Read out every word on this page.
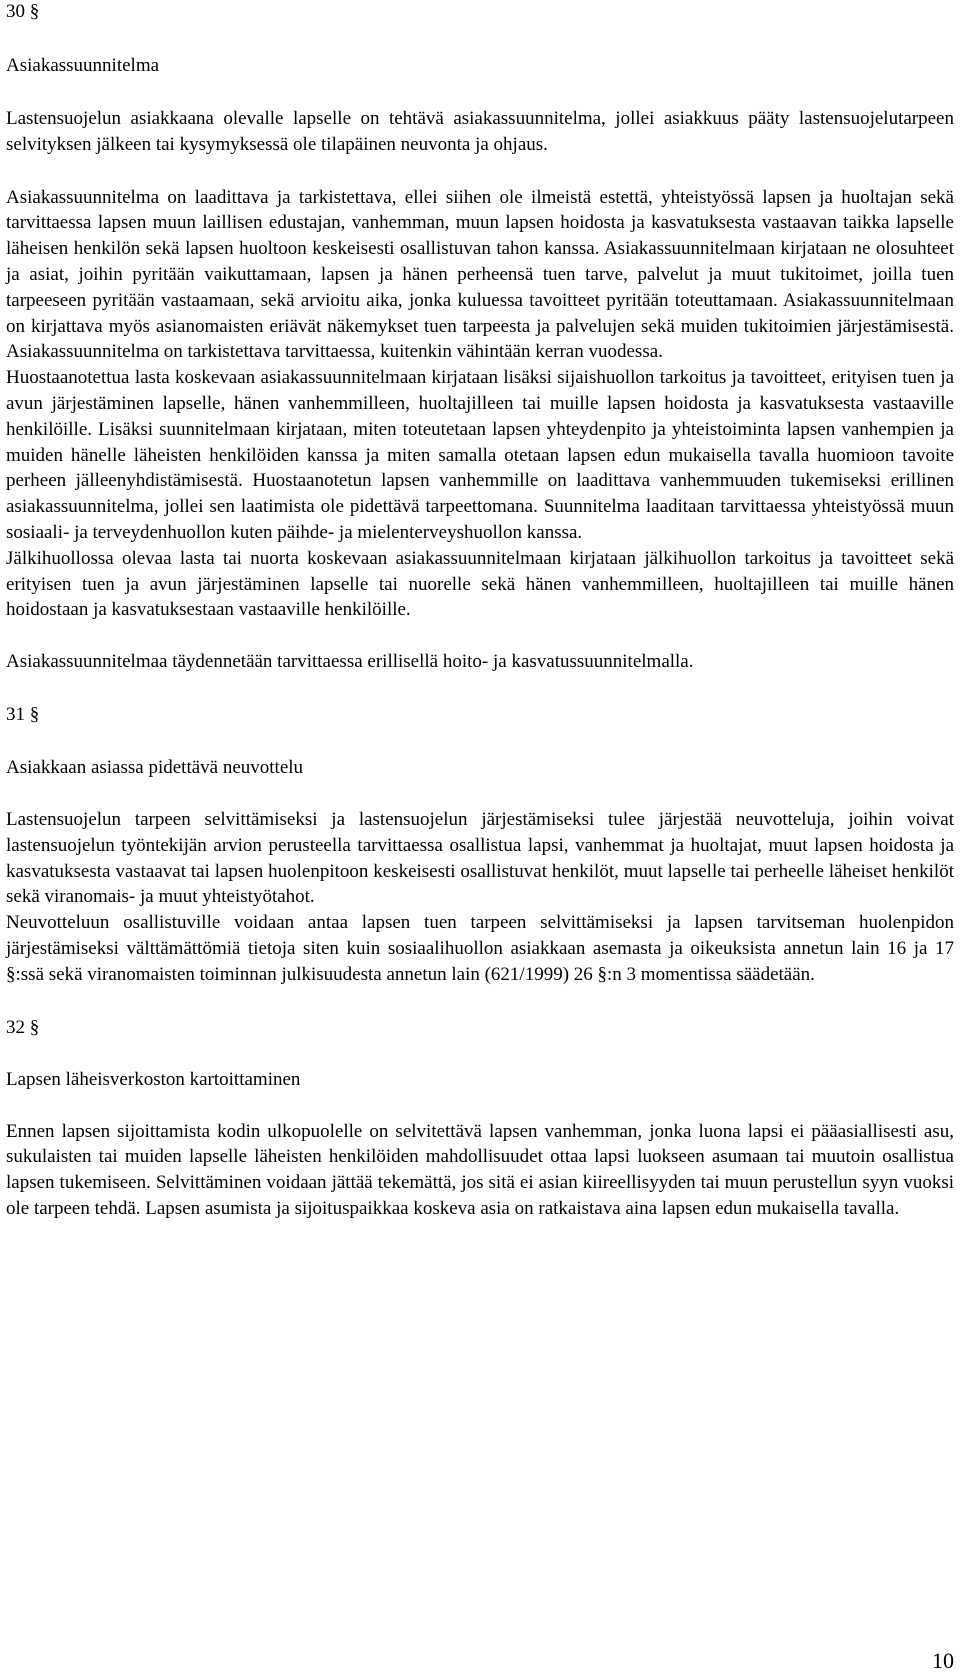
30 §

Asiakassuunnitelma

Lastensuojelun asiakkaana olevalle lapselle on tehtävä asiakassuunnitelma, jollei asiakkuus pääty lastensuojelutarpeen selvityksen jälkeen tai kysymyksessä ole tilapäinen neuvonta ja ohjaus.

Asiakassuunnitelma on laadittava ja tarkistettava, ellei siihen ole ilmeistä estettä, yhteistyössä lapsen ja huoltajan sekä tarvittaessa lapsen muun laillisen edustajan, vanhemman, muun lapsen hoidosta ja kasvatuksesta vastaavan taikka lapselle läheisen henkilön sekä lapsen huoltoon keskeisesti osallistuvan tahon kanssa. Asiakassuunnitelmaan kirjataan ne olosuhteet ja asiat, joihin pyritään vaikuttamaan, lapsen ja hänen perheensä tuen tarve, palvelut ja muut tukitoimet, joilla tuen tarpeeseen pyritään vastaamaan, sekä arvioitu aika, jonka kuluessa tavoitteet pyritään toteuttamaan. Asiakassuunnitelmaan on kirjattava myös asianomaisten eriävät näkemykset tuen tarpeesta ja palvelujen sekä muiden tukitoimien järjestämisestä. Asiakassuunnitelma on tarkistettava tarvittaessa, kuitenkin vähintään kerran vuodessa.

Huostaanotettua lasta koskevaan asiakassuunnitelmaan kirjataan lisäksi sijaishuollon tarkoitus ja tavoitteet, erityisen tuen ja avun järjestäminen lapselle, hänen vanhemmilleen, huoltajilleen tai muille lapsen hoidosta ja kasvatuksesta vastaaville henkilöille. Lisäksi suunnitelmaan kirjataan, miten toteutetaan lapsen yhteydenpito ja yhteistoiminta lapsen vanhempien ja muiden hänelle läheisten henkilöiden kanssa ja miten samalla otetaan lapsen edun mukaisella tavalla huomioon tavoite perheen jälleenyhdistämisestä. Huostaanotetun lapsen vanhemmille on laadittava vanhemmuuden tukemiseksi erillinen asiakassuunnitelma, jollei sen laatimista ole pidettävä tarpeettomana. Suunnitelma laaditaan tarvittaessa yhteistyössä muun sosiaali- ja terveydenhuollon kuten päihde- ja mielenterveyshuollon kanssa.

Jälkihuollossa olevaa lasta tai nuorta koskevaan asiakassuunnitelmaan kirjataan jälkihuollon tarkoitus ja tavoitteet sekä erityisen tuen ja avun järjestäminen lapselle tai nuorelle sekä hänen vanhemmilleen, huoltajilleen tai muille hänen hoidostaan ja kasvatuksestaan vastaaville henkilöille.

Asiakassuunnitelmaa täydennetään tarvittaessa erillisellä hoito- ja kasvatussuunnitelmalla.

31 §

Asiakkaan asiassa pidettävä neuvottelu

Lastensuojelun tarpeen selvittämiseksi ja lastensuojelun järjestämiseksi tulee järjestää neuvotteluja, joihin voivat lastensuojelun työntekijän arvion perusteella tarvittaessa osallistua lapsi, vanhemmat ja huoltajat, muut lapsen hoidosta ja kasvatuksesta vastaavat tai lapsen huolenpitoon keskeisesti osallistuvat henkilöt, muut lapselle tai perheelle läheiset henkilöt sekä viranomais- ja muut yhteistyötahot.

Neuvotteluun osallistuville voidaan antaa lapsen tuen tarpeen selvittämiseksi ja lapsen tarvitseman huolenpidon järjestämiseksi välttämättömiä tietoja siten kuin sosiaalihuollon asiakkaan asemasta ja oikeuksista annetun lain 16 ja 17 §:ssä sekä viranomaisten toiminnan julkisuudesta annetun lain (621/1999) 26 §:n 3 momentissa säädetään.

32 §

Lapsen läheisverkoston kartoittaminen

Ennen lapsen sijoittamista kodin ulkopuolelle on selvitettävä lapsen vanhemman, jonka luona lapsi ei pääasiallisesti asu, sukulaisten tai muiden lapselle läheisten henkilöiden mahdollisuudet ottaa lapsi luokseen asumaan tai muutoin osallistua lapsen tukemiseen. Selvittäminen voidaan jättää tekemättä, jos sitä ei asian kiireellisyyden tai muun perustellun syyn vuoksi ole tarpeen tehdä. Lapsen asumista ja sijoituspaikkaa koskeva asia on ratkaistava aina lapsen edun mukaisella tavalla.

10
